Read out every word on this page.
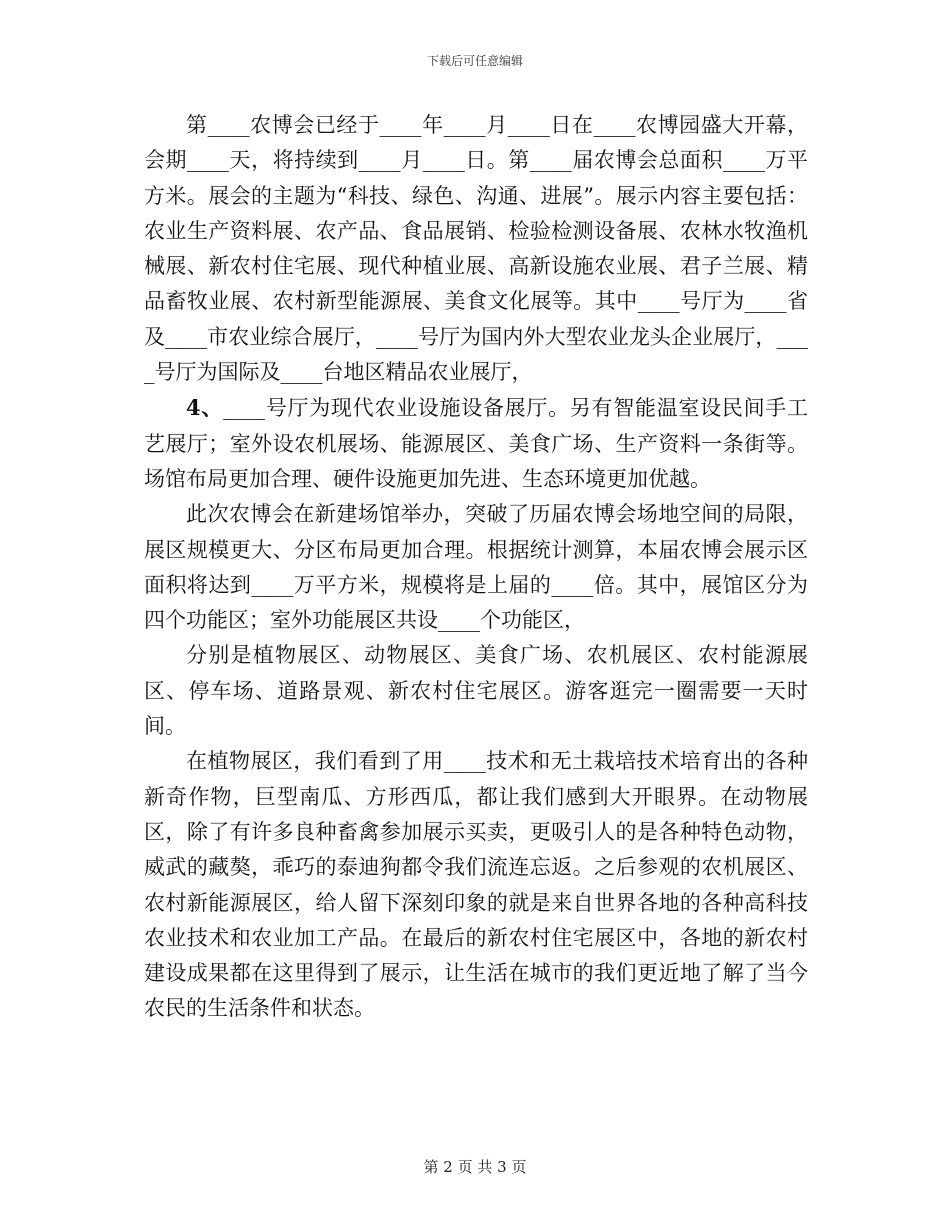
下载后可任意编辑

第____农博会已经于____年____月____日在____农博园盛大开幕，会期____天，将持续到____月____日。第____届农博会总面积____万平方米。展会的主题为“科技、绿色、沟通、进展”。展示内容主要包括：农业生产资料展、农产品、食品展销、检验检测设备展、农林水牧渔机械展、新农村住宅展、现代种植业展、高新设施农业展、君子兰展、精品畜牧业展、农村新型能源展、美食文化展等。其中____号厅为____省及____市农业综合展厅，____号厅为国内外大型农业龙头企业展厅，____号厅为国际及____台地区精品农业展厅，

4、____号厅为现代农业设施设备展厅。另有智能温室设民间手工艺展厅；室外设农机展场、能源展区、美食广场、生产资料一条街等。场馆布局更加合理、硬件设施更加先进、生态环境更加优越。

此次农博会在新建场馆举办，突破了历届农博会场地空间的局限，展区规模更大、分区布局更加合理。根据统计测算，本届农博会展示区面积将达到____万平方米，规模将是上届的____倍。其中，展馆区分为四个功能区；室外功能展区共设____个功能区，

分别是植物展区、动物展区、美食广场、农机展区、农村能源展区、停车场、道路景观、新农村住宅展区。游客逛完一圈需要一天时间。

在植物展区，我们看到了用____技术和无土栽培技术培育出的各种新奇作物，巨型南瓜、方形西瓜，都让我们感到大开眼界。在动物展区，除了有许多良种畜禽参加展示买卖，更吸引人的是各种特色动物，威武的藏獒，乖巧的泰迪狗都令我们流连忘返。之后参观的农机展区、农村新能源展区，给人留下深刻印象的就是来自世界各地的各种高科技农业技术和农业加工产品。在最后的新农村住宅展区中，各地的新农村建设成果都在这里得到了展示，让生活在城市的我们更近地了解了当今农民的生活条件和状态。

第 2 页 共 3 页
